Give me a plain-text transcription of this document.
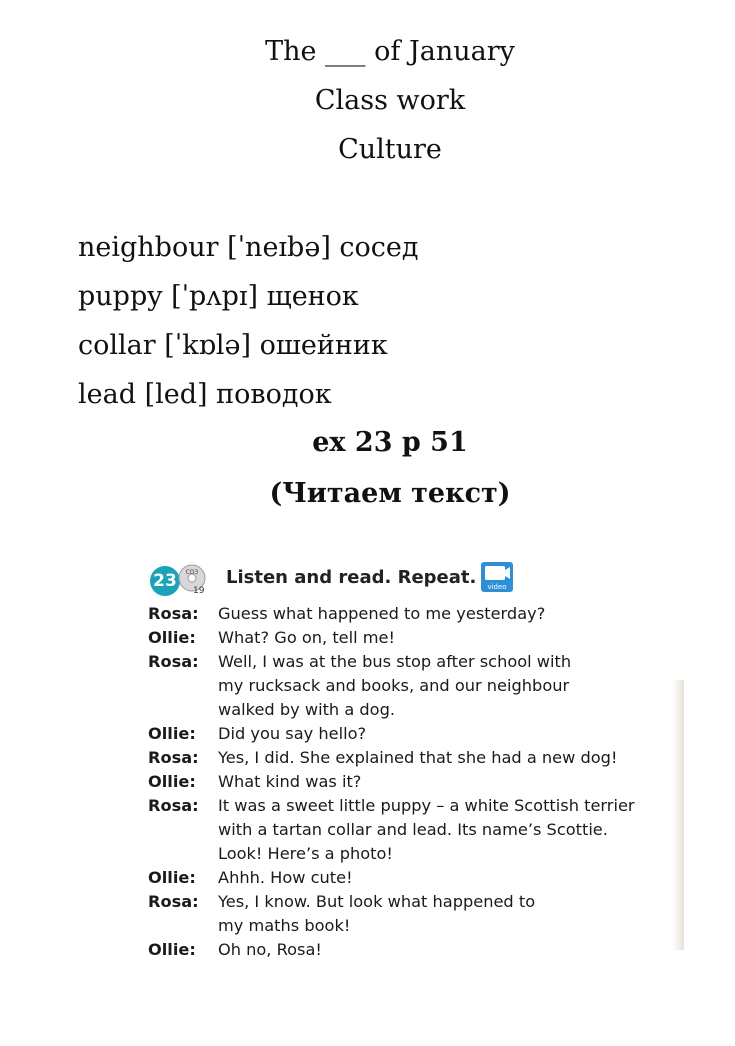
The ___ of January
Class work
Culture
neighbour [ˈneɪbə] сосед
puppy [ˈpʌpɪ] щенок
collar [ˈkɒlə] ошейник
lead [led] поводок
ex 23 p 51
(Читаем текст)
23	CD3
19
Listen and read. Repeat. video
Rosa: Guess what happened to me yesterday?
Ollie: What? Go on, tell me!
Rosa: Well, I was at the bus stop after school with
my rucksack and books, and our neighbour
walked by with a dog.
Ollie: Did you say hello?
Rosa: Yes, I did. She explained that she had a new dog!
Ollie: What kind was it?
Rosa: It was a sweet little puppy – a white Scottish terrier
with a tartan collar and lead. Its name’s Scottie.
Look! Here’s a photo!
Ollie: Ahhh. How cute!
Rosa: Yes, I know. But look what happened to
my maths book!
Ollie: Oh no, Rosa!
